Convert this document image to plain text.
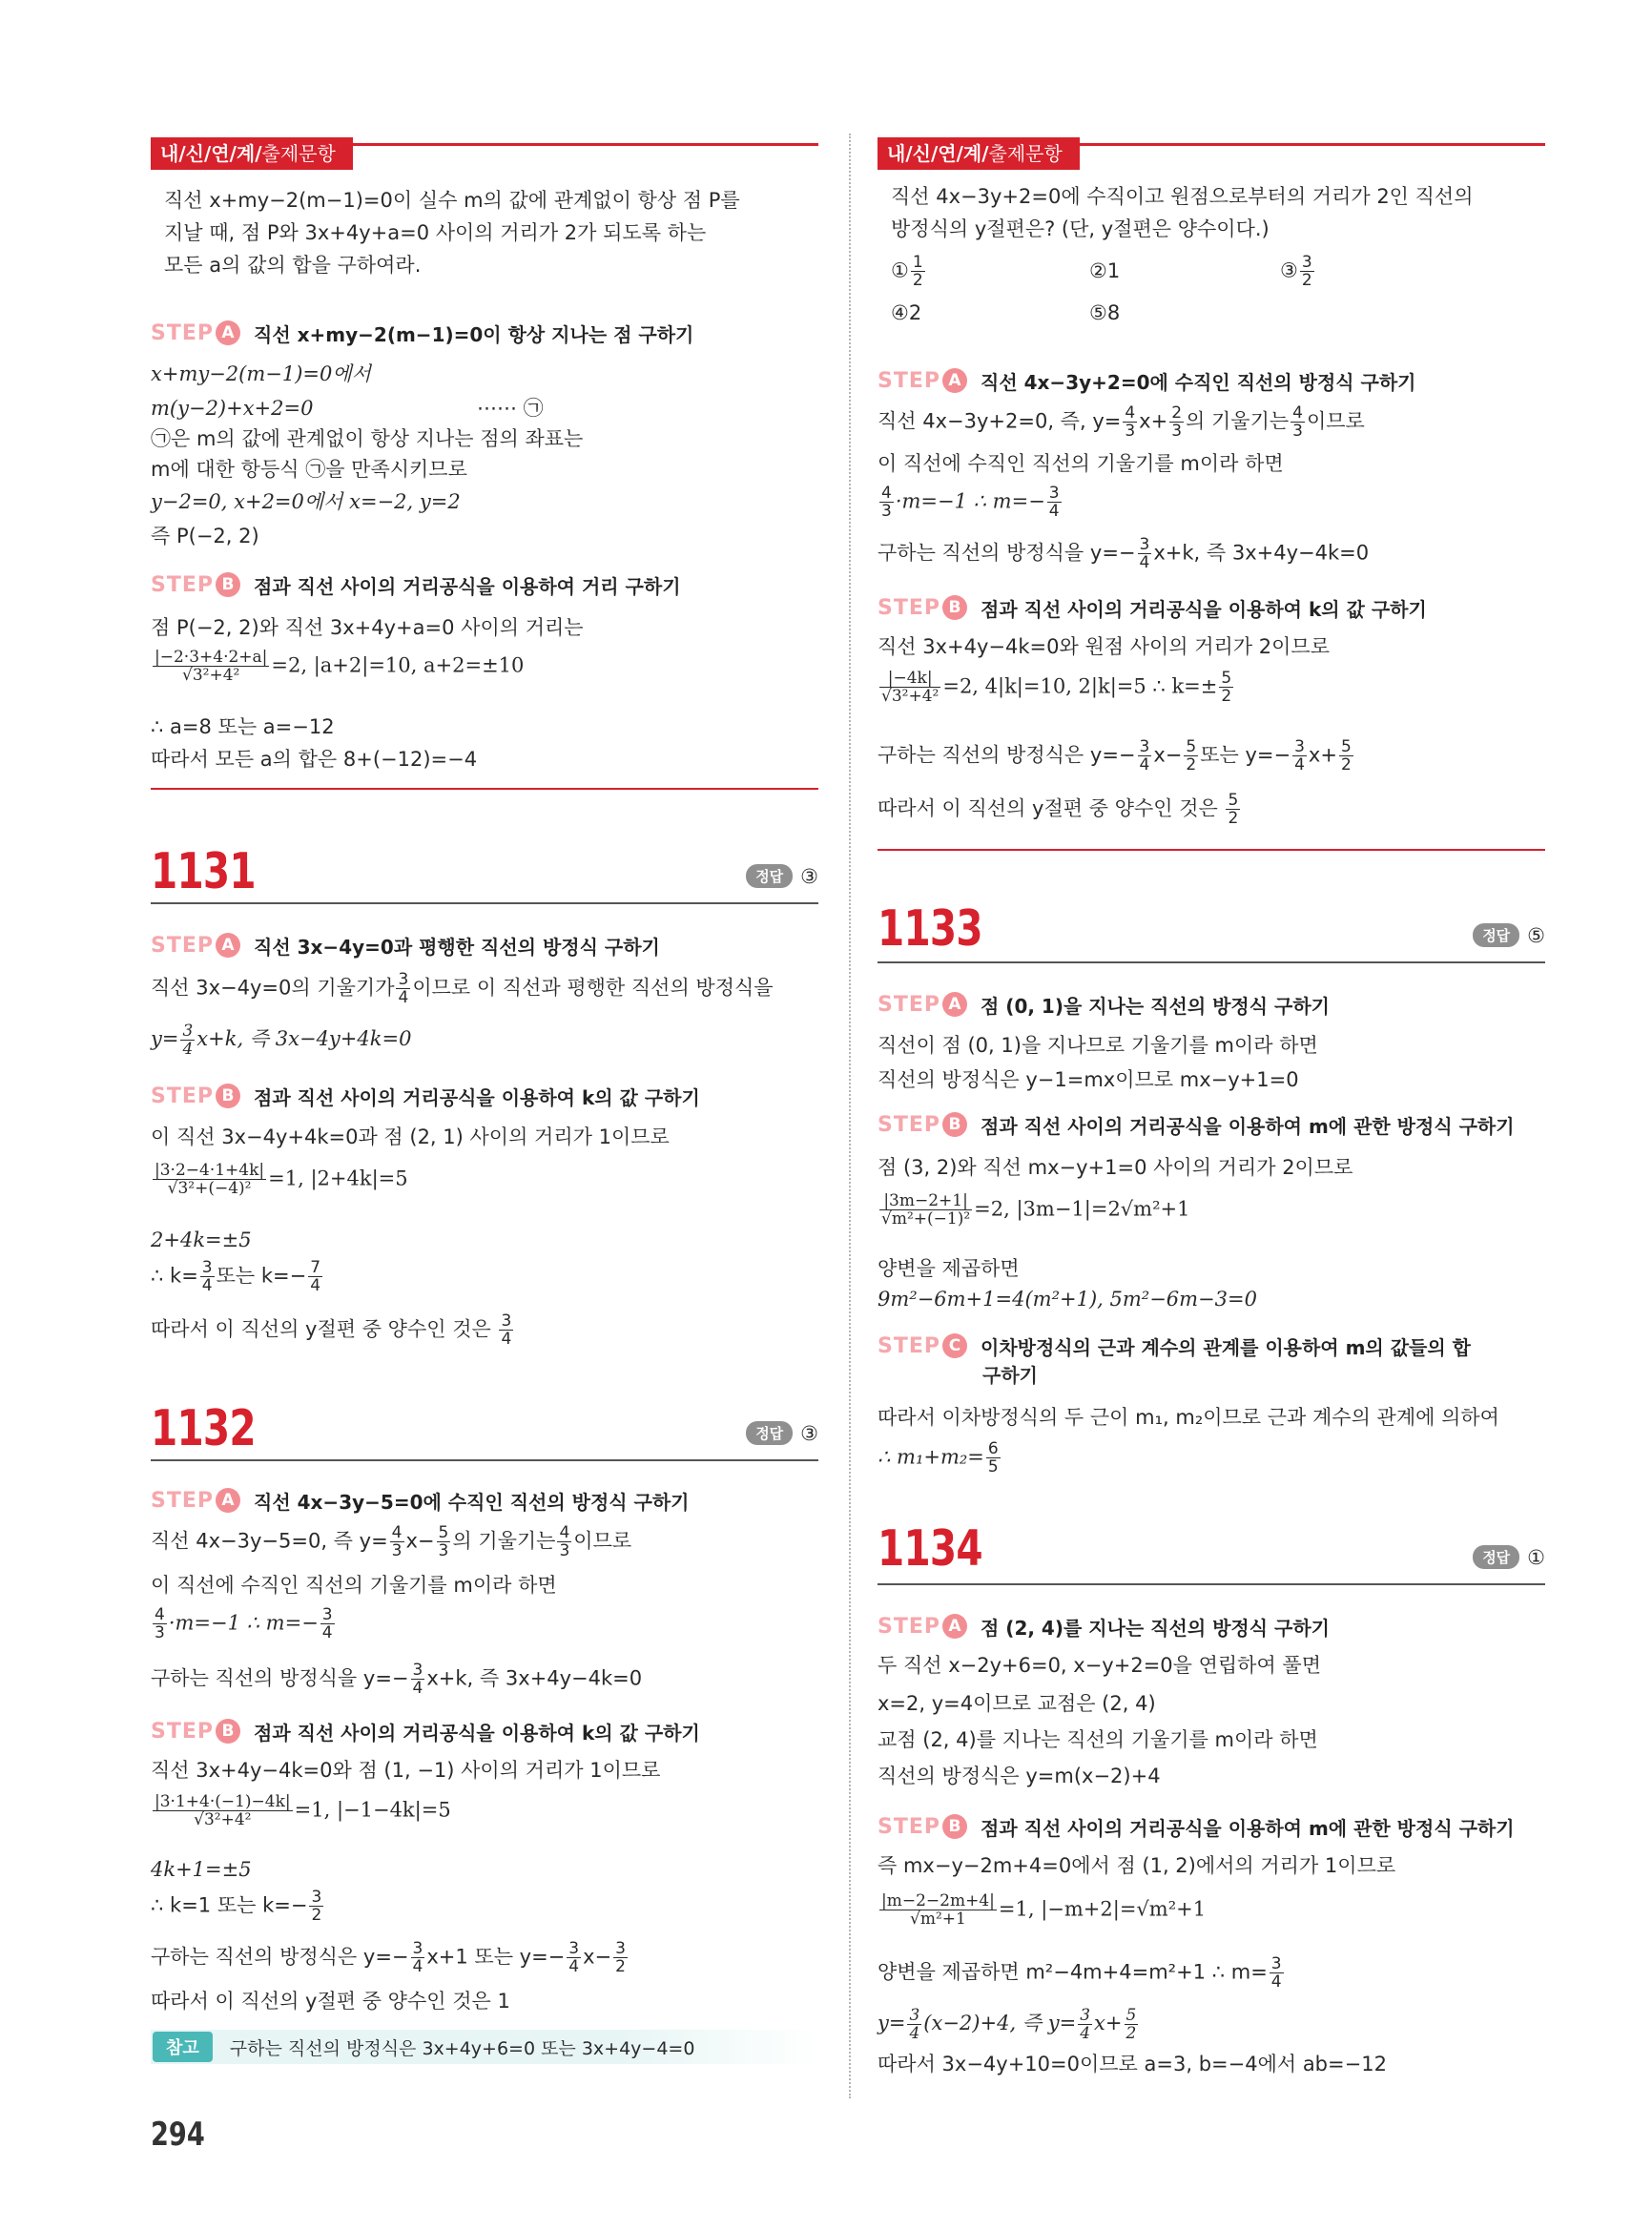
내/신/연/계/출제문항
직선 x+my−2(m−1)=0이 실수 m의 값에 관계없이 항상 점 P를
지날 때, 점 P와 3x+4y+a=0 사이의 거리가 2가 되도록 하는
모든 a의 값의 합을 구하여라.
STEP A	직선 x+my−2(m−1)=0이 항상 지나는 점 구하기
x+my−2(m−1)=0에서
m(y−2)+x+2=0	⋯⋯ ㉠
㉠은 m의 값에 관계없이 항상 지나는 점의 좌표는
m에 대한 항등식 ㉠을 만족시키므로
y−2=0, x+2=0에서 x=−2, y=2
즉 P(−2, 2)
STEP B	점과 직선 사이의 거리공식을 이용하여 거리 구하기
점 P(−2, 2)와 직선 3x+4y+a=0 사이의 거리는
$\frac{|-2\cdot 3+4\cdot 2+a|}{\text{√3²+4²}} =2$, |a+2|=10, a+2=±10
∴ a=8 또는 a=−12
따라서 모든 a의 합은 8+(−12)=−4
1131	정답 ③
STEP A	직선 3x−4y=0과 평행한 직선의 방정식 구하기
직선 3x−4y=0의 기울기가 $\frac{3}{4}$ 이므로 이 직선과 평행한 직선의 방정식을
$y= \frac{3}{4} x+k$, 즉 3x−4y+4k=0
STEP B	점과 직선 사이의 거리공식을 이용하여 k의 값 구하기
이 직선 3x−4y+4k=0과 점 (2, 1) 사이의 거리가 1이므로
$\frac{|3\cdot 2-4\cdot 1+4k|}{\text{√3²+(−4)²}} =1$, |2+4k|=5
2+4k=±5
∴ $k= \frac{3}{4}$ 또는 $k=- \frac{7}{4}$
따라서 이 직선의 y절편 중 양수인 것은 $\frac{3}{4}$
1132	정답 ③
STEP A	직선 4x−3y−5=0에 수직인 직선의 방정식 구하기
직선 4x−3y−5=0, 즉 $y= \frac{4}{3} x- \frac{5}{3}$ 의 기울기는 $\frac{4}{3}$ 이므로
이 직선에 수직인 직선의 기울기를 m이라 하면
$\frac{4}{3} \cdot m=-1$ ∴ $m=- \frac{3}{4}$
구하는 직선의 방정식을 $y=- \frac{3}{4} x+k$, 즉 3x+4y−4k=0
STEP B	점과 직선 사이의 거리공식을 이용하여 k의 값 구하기
직선 3x+4y−4k=0와 점 (1, −1) 사이의 거리가 1이므로
$\frac{|3\cdot 1+4\cdot(-1)-4k|}{\text{√3²+4²}} =1$, |−1−4k|=5
4k+1=±5
∴ k=1 또는 $k=- \frac{3}{2}$
구하는 직선의 방정식은 $y=- \frac{3}{4} x+1$ 또는 $y=- \frac{3}{4} x- \frac{3}{2}$
따라서 이 직선의 y절편 중 양수인 것은 1
참고	구하는 직선의 방정식은 3x+4y+6=0 또는 3x+4y−4=0
내/신/연/계/출제문항
직선 4x−3y+2=0에 수직이고 원점으로부터의 거리가 2인 직선의
방정식의 y절편은? (단, y절편은 양수이다.)
① $\frac{1}{2}$	②1	③ $\frac{3}{2}$
④2	⑤8
STEP A	직선 4x−3y+2=0에 수직인 직선의 방정식 구하기
직선 4x−3y+2=0, 즉, $y= \frac{4}{3} x+ \frac{2}{3}$ 의 기울기는 $\frac{4}{3}$ 이므로
이 직선에 수직인 직선의 기울기를 m이라 하면
$\frac{4}{3} \cdot m=-1$ ∴ $m=- \frac{3}{4}$
구하는 직선의 방정식을 $y=- \frac{3}{4} x+k$, 즉 3x+4y−4k=0
STEP B	점과 직선 사이의 거리공식을 이용하여 k의 값 구하기
직선 3x+4y−4k=0와 원점 사이의 거리가 2이므로
$\frac{|-4k|}{\text{√3²+4²}} =2$, 4|k|=10, 2|k|=5 ∴ $k=\pm \frac{5}{2}$
구하는 직선의 방정식은 $y=- \frac{3}{4} x- \frac{5}{2}$ 또는 $y=- \frac{3}{4} x+ \frac{5}{2}$
따라서 이 직선의 y절편 중 양수인 것은 $\frac{5}{2}$
1133	정답 ⑤
STEP A	점 (0, 1)을 지나는 직선의 방정식 구하기
직선이 점 (0, 1)을 지나므로 기울기를 m이라 하면
직선의 방정식은 y−1=mx이므로 mx−y+1=0
STEP B	점과 직선 사이의 거리공식을 이용하여 m에 관한 방정식 구하기
점 (3, 2)와 직선 mx−y+1=0 사이의 거리가 2이므로
$\frac{|3m-2+1|}{\text{√m²+(−1)²}} =2$, |3m−1|=2√m²+1
양변을 제곱하면
9m²−6m+1=4(m²+1), 5m²−6m−3=0
STEP C	이차방정식의 근과 계수의 관계를 이용하여 m의 값들의 합
구하기
따라서 이차방정식의 두 근이 m₁, m₂이므로 근과 계수의 관계에 의하여
∴ $m_1+m_2= \frac{6}{5}$
1134	정답 ①
STEP A	점 (2, 4)를 지나는 직선의 방정식 구하기
두 직선 x−2y+6=0, x−y+2=0을 연립하여 풀면
x=2, y=4이므로 교점은 (2, 4)
교점 (2, 4)를 지나는 직선의 기울기를 m이라 하면
직선의 방정식은 y=m(x−2)+4
STEP B	점과 직선 사이의 거리공식을 이용하여 m에 관한 방정식 구하기
즉 mx−y−2m+4=0에서 점 (1, 2)에서의 거리가 1이므로
$\frac{|m-2-2m+4|}{\text{√m²+1}} =1$, |−m+2|=√m²+1
양변을 제곱하면 m²−4m+4=m²+1 ∴ $m= \frac{3}{4}$
$y= \frac{3}{4} (x-2)+4$, 즉 $y= \frac{3}{4} x+ \frac{5}{2}$
따라서 3x−4y+10=0이므로 a=3, b=−4에서 ab=−12
294
